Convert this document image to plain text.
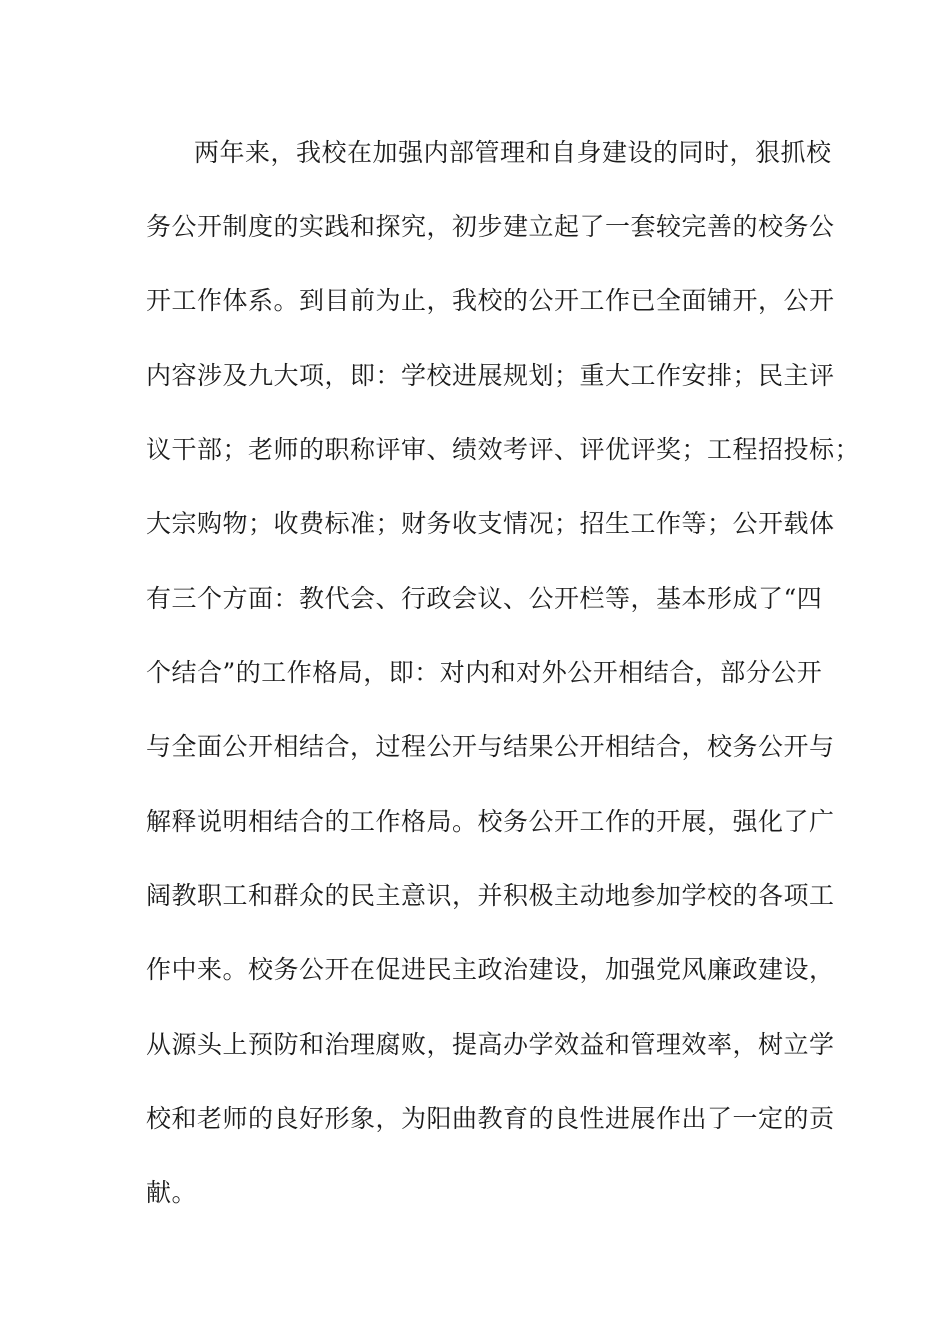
两年来，我校在加强内部管理和自身建设的同时，狠抓校
务公开制度的实践和探究，初步建立起了一套较完善的校务公
开工作体系。到目前为止，我校的公开工作已全面铺开，公开
内容涉及九大项，即：学校进展规划；重大工作安排；民主评
议干部；老师的职称评审、绩效考评、评优评奖；工程招投标；
大宗购物；收费标准；财务收支情况；招生工作等；公开载体
有三个方面：教代会、行政会议、公开栏等，基本形成了“四
个结合”的工作格局，即：对内和对外公开相结合，部分公开
与全面公开相结合，过程公开与结果公开相结合，校务公开与
解释说明相结合的工作格局。校务公开工作的开展，强化了广
阔教职工和群众的民主意识，并积极主动地参加学校的各项工
作中来。校务公开在促进民主政治建设，加强党风廉政建设，
从源头上预防和治理腐败，提高办学效益和管理效率，树立学
校和老师的良好形象，为阳曲教育的良性进展作出了一定的贡
献。
